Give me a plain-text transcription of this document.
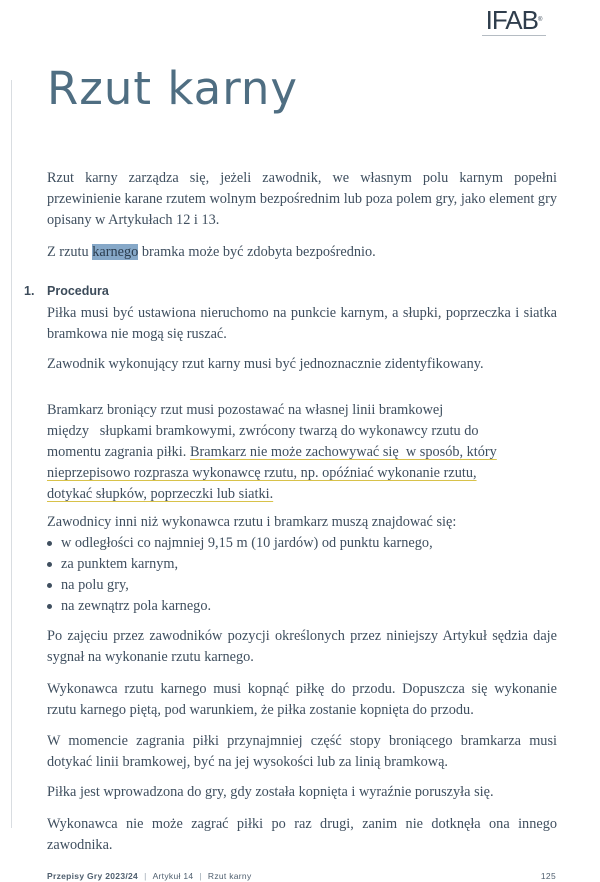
IFAB®
Rzut karny

Rzut karny zarządza się, jeżeli zawodnik, we własnym polu karnym popełni przewinienie karane rzutem wolnym bezpośrednim lub poza polem gry, jako element gry opisany w Artykułach 12 i 13.

Z rzutu karnego bramka może być zdobyta bezpośrednio.

1. Procedura

Piłka musi być ustawiona nieruchomo na punkcie karnym, a słupki, poprzeczka i siatka bramkowa nie mogą się ruszać.

Zawodnik wykonujący rzut karny musi być jednoznacznie zidentyfikowany.

Bramkarz broniący rzut musi pozostawać na własnej linii bramkowej

między   słupkami bramkowymi, zwrócony twarzą do wykonawcy rzutu do

momentu zagrania piłki. Bramkarz nie może zachowywać się  w sposób, który

nieprzepisowo rozprasza wykonawcę rzutu, np. opóźniać wykonanie rzutu,

dotykać słupków, poprzeczki lub siatki.

Zawodnicy inni niż wykonawca rzutu i bramkarz muszą znajdować się:

w odległości co najmniej 9,15 m (10 jardów) od punktu karnego,
za punktem karnym,
na polu gry,
na zewnątrz pola karnego.

Po zajęciu przez zawodników pozycji określonych przez niniejszy Artykuł sędzia daje sygnał na wykonanie rzutu karnego.

Wykonawca rzutu karnego musi kopnąć piłkę do przodu. Dopuszcza się wykonanie rzutu karnego piętą, pod warunkiem, że piłka zostanie kopnięta do przodu.

W momencie zagrania piłki przynajmniej część stopy broniącego bramkarza musi dotykać linii bramkowej, być na jej wysokości lub za linią bramkową.

Piłka jest wprowadzona do gry, gdy została kopnięta i wyraźnie poruszyła się.

Wykonawca nie może zagrać piłki po raz drugi, zanim nie dotknęła ona innego zawodnika.

Przepisy Gry 2023/24 | Artykuł 14 | Rzut karny	125
